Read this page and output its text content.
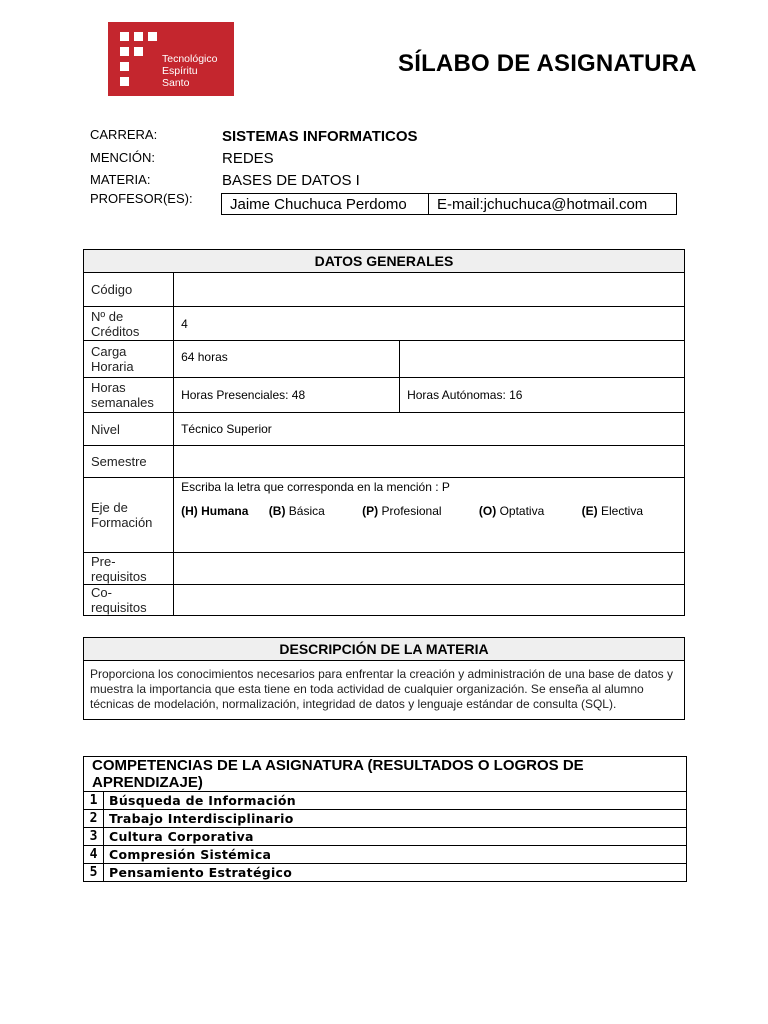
Tecnológico
Espíritu
Santo
SÍLABO DE ASIGNATURA
CARRERA:	SISTEMAS INFORMATICOS
MENCIÓN:	REDES
MATERIA:	BASES DE DATOS I
PROFESOR(ES):	Jaime Chuchuca Perdomo	E-mail:jchuchuca@hotmail.com
DATOS GENERALES		
Código		
Nº de Créditos	4	
Carga Horaria	64 horas	
Horas semanales	Horas Presenciales: 48	Horas Autónomas: 16
Nivel	Técnico Superior	
Semestre		
Eje de Formación	Escriba la letra que corresponda en la mención : P
(H) Humana (B) Básica (P) Profesional (O) Optativa (E) Electiva	

Pre-requisitos		
Co-requisitos		
DESCRIPCIÓN DE LA MATERIA
Proporciona los conocimientos necesarios para enfrentar la creación y administración de una base de datos y muestra la importancia que esta tiene en toda actividad de cualquier organización. Se enseña al alumno técnicas de modelación, normalización, integridad de datos y lenguaje estándar de consulta (SQL).
COMPETENCIAS DE LA ASIGNATURA (RESULTADOS O LOGROS DE APRENDIZAJE)	
1	Búsqueda de Información
2	Trabajo Interdisciplinario
3	Cultura Corporativa
4	Compresión Sistémica
5	Pensamiento Estratégico
